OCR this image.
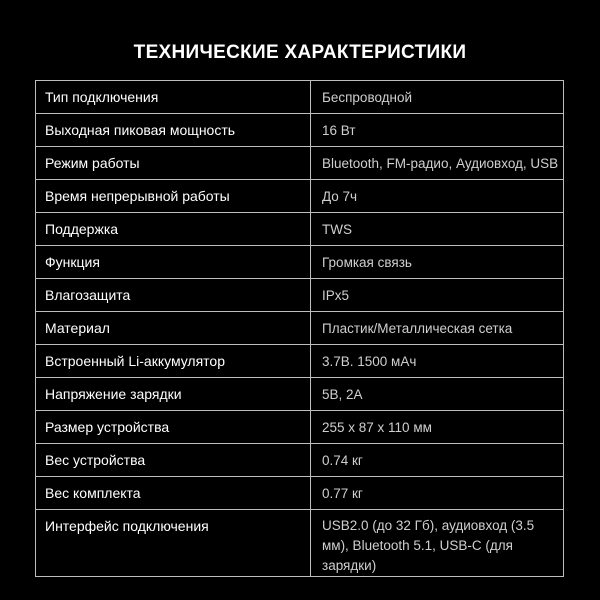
ТЕХНИЧЕСКИЕ ХАРАКТЕРИСТИКИ
Тип подключения	Беспроводной
Выходная пиковая мощность	16 Вт
Режим работы	Bluetooth, FM-радио, Аудиовход, USB
Время непрерывной работы	До 7ч
Поддержка	TWS
Функция	Громкая связь
Влагозащита	IPx5
Материал	Пластик/Металлическая сетка
Встроенный Li-аккумулятор	3.7В. 1500 мАч
Напряжение зарядки	5В, 2А
Размер устройства	255 х 87 х 110 мм
Вес устройства	0.74 кг
Вес комплекта	0.77 кг
Интерфейс подключения	USB2.0 (до 32 Гб), аудиовход (3.5 мм), Bluetooth 5.1, USB-C (для зарядки)
